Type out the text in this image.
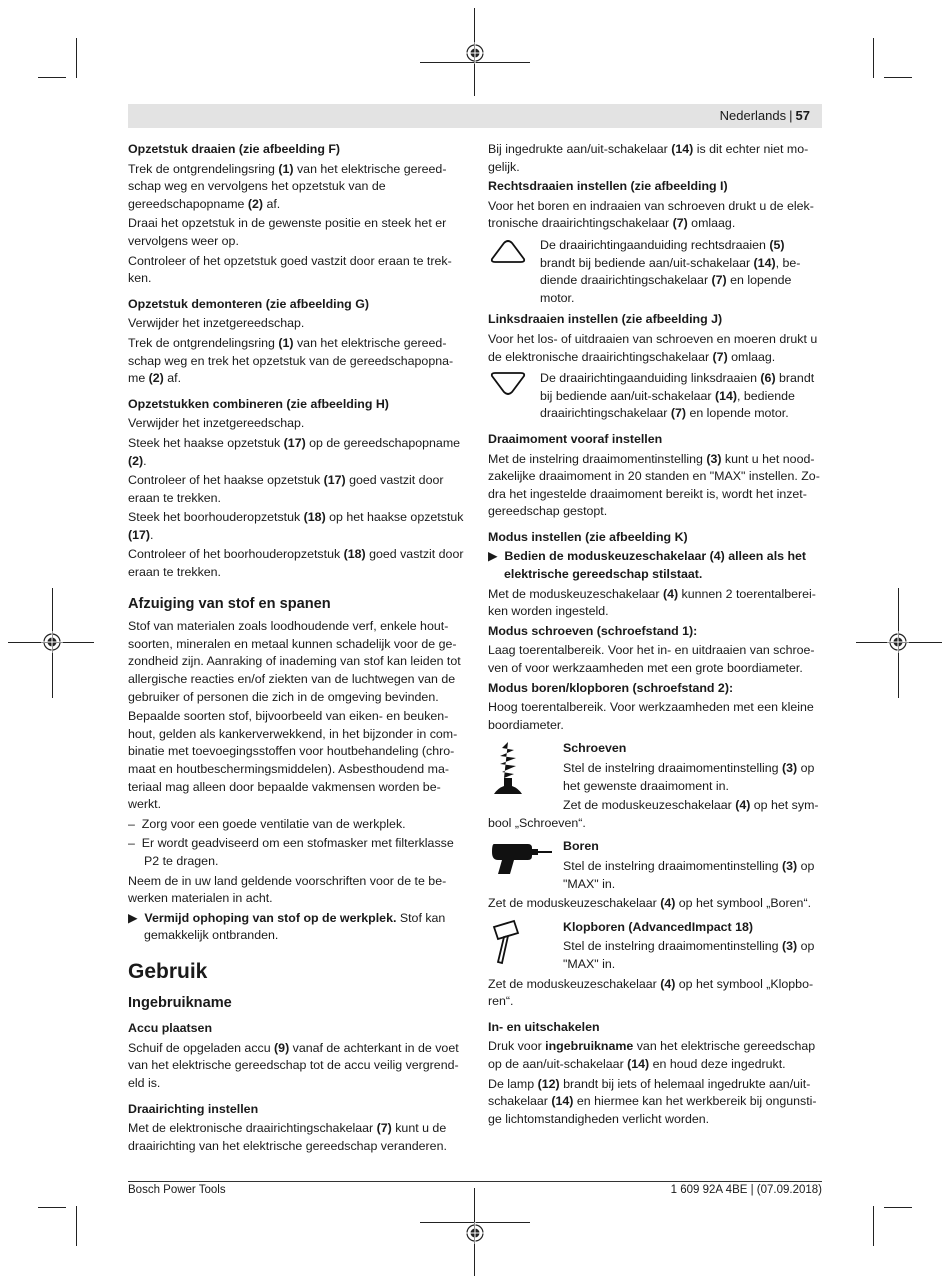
Nederlands | 57
Opzetstuk draaien (zie afbeelding F)

Trek de ontgrendelingsring (1) van het elektrische gereedschap weg en vervolgens het opzetstuk van de gereedschapopname (2) af.

Draai het opzetstuk in de gewenste positie en steek het er vervolgens weer op.

Controleer of het opzetstuk goed vastzit door eraan te trekken.

Opzetstuk demonteren (zie afbeelding G)

Verwijder het inzetgereedschap.

Trek de ontgrendelingsring (1) van het elektrische gereedschap weg en trek het opzetstuk van de gereedschapopname (2) af.

Opzetstukken combineren (zie afbeelding H)

Verwijder het inzetgereedschap.

Steek het haakse opzetstuk (17) op de gereedschapopname (2).

Controleer of het haakse opzetstuk (17) goed vastzit door eraan te trekken.

Steek het boorhouderopzetstuk (18) op het haakse opzetstuk (17).

Controleer of het boorhouderopzetstuk (18) goed vastzit door eraan te trekken.

Afzuiging van stof en spanen

Stof van materialen zoals loodhoudende verf, enkele houtsoorten, mineralen en metaal kunnen schadelijk voor de gezondheid zijn. Aanraking of inademing van stof kan leiden tot allergische reacties en/of ziekten van de luchtwegen van de gebruiker of personen die zich in de omgeving bevinden.

Bepaalde soorten stof, bijvoorbeeld van eiken- en beukenhout, gelden als kankerverwekkend, in het bijzonder in combinatie met toevoegingsstoffen voor houtbehandeling (chromaat en houtbeschermingsmiddelen). Asbesthoudend materiaal mag alleen door bepaalde vakmensen worden bewerkt.

–  Zorg voor een goede ventilatie van de werkplek.

–  Er wordt geadviseerd om een stofmasker met filterklasse P2 te dragen.

Neem de in uw land geldende voorschriften voor de te bewerken materialen in acht.

▶  Vermijd ophoping van stof op de werkplek. Stof kan gemakkelijk ontbranden.

Gebruik
Ingebruikname
Accu plaatsen

Schuif de opgeladen accu (9) vanaf de achterkant in de voet van het elektrische gereedschap tot de accu veilig vergrendeld is.

Draairichting instellen

Met de elektronische draairichtingschakelaar (7) kunt u de draairichting van het elektrische gereedschap veranderen.

Bij ingedrukte aan/uit-schakelaar (14) is dit echter niet mogelijk.

Rechtsdraaien instellen (zie afbeelding I)

Voor het boren en indraaien van schroeven drukt u de elektronische draairichtingschakelaar (7) omlaag.

De draairichtingaanduiding rechtsdraaien (5) brandt bij bediende aan/uit-schakelaar (14), bediende draairichtingschakelaar (7) en lopende motor.
Linksdraaien instellen (zie afbeelding J)

Voor het los- of uitdraaien van schroeven en moeren drukt u de elektronische draairichtingschakelaar (7) omlaag.

De draairichtingaanduiding linksdraaien (6) brandt bij bediende aan/uit-schakelaar (14), bediende draairichtingschakelaar (7) en lopende motor.
Draaimoment vooraf instellen

Met de instelring draaimomentinstelling (3) kunt u het noodzakelijke draaimoment in 20 standen en "MAX" instellen. Zodra het ingestelde draaimoment bereikt is, wordt het inzetgereedschap gestopt.

Modus instellen (zie afbeelding K)

▶  Bedien de moduskeuzeschakelaar (4) alleen als het elektrische gereedschap stilstaat.

Met de moduskeuzeschakelaar (4) kunnen 2 toerentalbereiken worden ingesteld.

Modus schroeven (schroefstand 1):

Laag toerentalbereik. Voor het in- en uitdraaien van schroeven of voor werkzaamheden met een grote boordiameter.

Modus boren/klopboren (schroefstand 2):

Hoog toerentalbereik. Voor werkzaamheden met een kleine boordiameter.

Schroeven
Stel de instelring draaimomentinstelling (3) op het gewenste draaimoment in.

Zet de moduskeuzeschakelaar (4) op het symbool „Schroeven“.

Boren
Stel de instelring draaimomentinstelling (3) op "MAX" in.

Zet de moduskeuzeschakelaar (4) op het symbool „Boren“.

Klopboren (AdvancedImpact 18)
Stel de instelring draaimomentinstelling (3) op "MAX" in.

Zet de moduskeuzeschakelaar (4) op het symbool „Klopboren“.

In- en uitschakelen

Druk voor ingebruikname van het elektrische gereedschap op de aan/uit-schakelaar (14) en houd deze ingedrukt.

De lamp (12) brandt bij iets of helemaal ingedrukte aan/uit-schakelaar (14) en hiermee kan het werkbereik bij ongunstige lichtomstandigheden verlicht worden.

Bosch Power Tools	1 609 92A 4BE | (07.09.2018)
